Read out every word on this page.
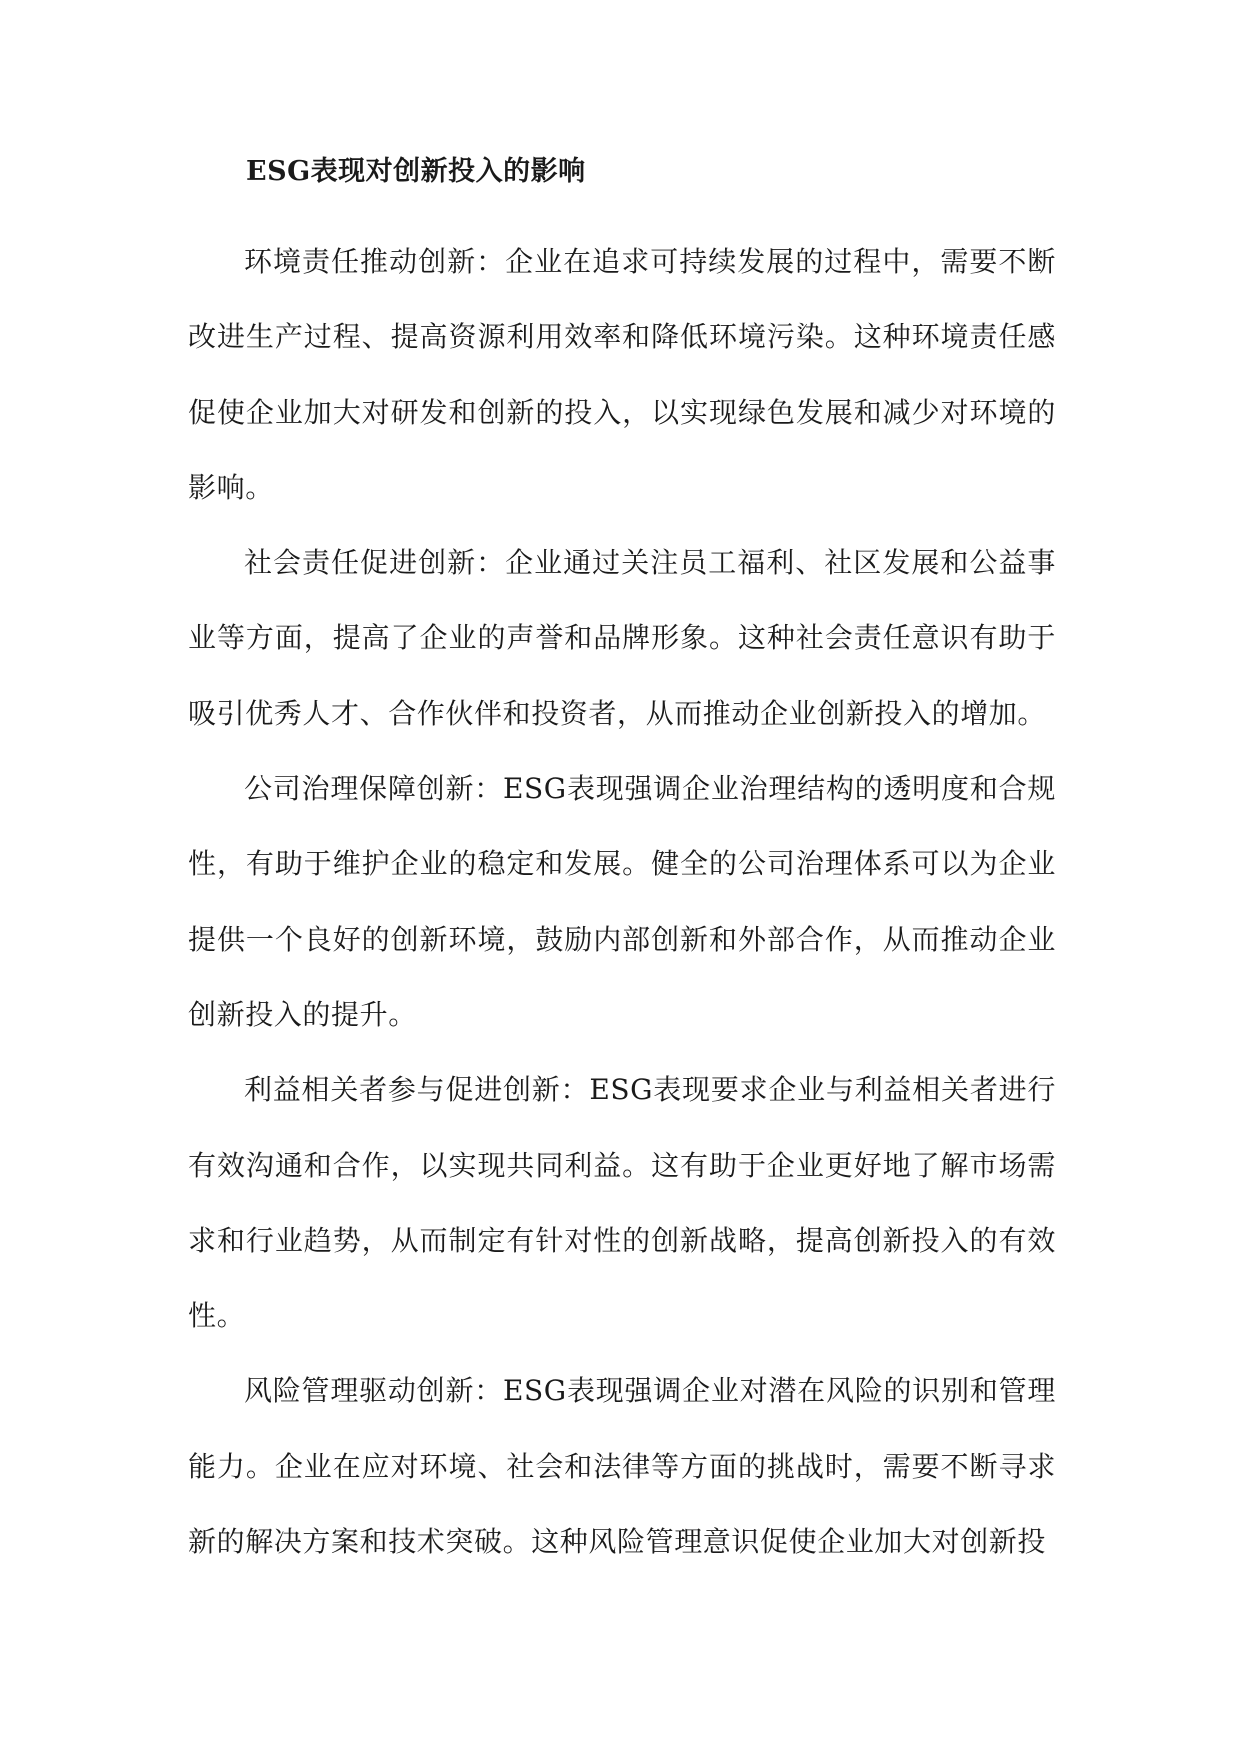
ESG表现对创新投入的影响

环境责任推动创新：企业在追求可持续发展的过程中，需要不断改进生产过程、提高资源利用效率和降低环境污染。这种环境责任感促使企业加大对研发和创新的投入，以实现绿色发展和减少对环境的影响。

社会责任促进创新：企业通过关注员工福利、社区发展和公益事业等方面，提高了企业的声誉和品牌形象。这种社会责任意识有助于吸引优秀人才、合作伙伴和投资者，从而推动企业创新投入的增加。

公司治理保障创新：ESG表现强调企业治理结构的透明度和合规性，有助于维护企业的稳定和发展。健全的公司治理体系可以为企业提供一个良好的创新环境，鼓励内部创新和外部合作，从而推动企业创新投入的提升。

利益相关者参与促进创新：ESG表现要求企业与利益相关者进行有效沟通和合作，以实现共同利益。这有助于企业更好地了解市场需求和行业趋势，从而制定有针对性的创新战略，提高创新投入的有效性。

风险管理驱动创新：ESG表现强调企业对潜在风险的识别和管理能力。企业在应对环境、社会和法律等方面的挑战时，需要不断寻求新的解决方案和技术突破。这种风险管理意识促使企业加大对创新投
